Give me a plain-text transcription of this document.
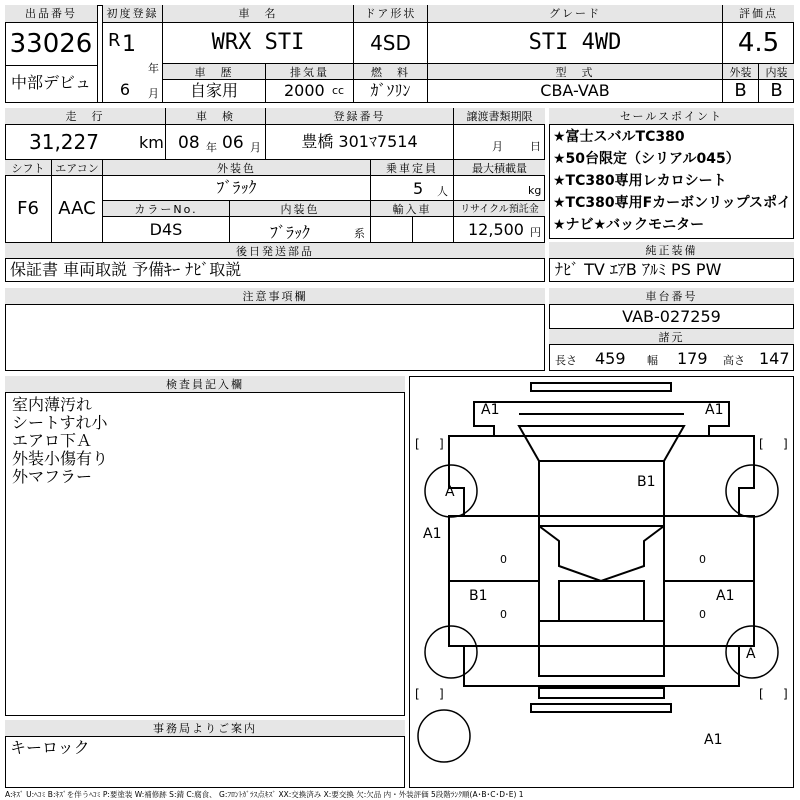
出品番号
33026
中部デビュ
初度登録
R 1
年
6	月
車　名
WRX STI
ドア形状
4SD
グレード
STI 4WD
車　歴
自家用
排気量
2000 cc
燃　料
ｶﾞｿﾘﾝ
型　式
CBA-VAB
評価点
4.5
外装	内装
B	B
走　行
31,227	km
車　検
08 年 06 月
登録番号
豊橋 301ﾏ7514
譲渡書類期限
月 日
シフト エアコン
F6	AAC
外装色
ﾌﾞﾗｯｸ
乗車定員
5 人
最大積載量
kg
カラーNo.
D4S
内装色
ﾌﾞﾗｯｸ	系
輸入車	リサイクル預託金
12,500 円
後日発送部品
保証書 車両取説 予備ｷｰ ﾅﾋﾞ取説
セールスポイント
★富士スバルTC380
★50台限定（シリアル045）
★TC380専用レカロシート
★TC380専用Fカーボンリップスポイ
★ナビ★バックモニター
純正装備
ﾅﾋﾞ TV ｴｱB ｱﾙﾐ PS PW
注意事項欄	車台番号
VAB-027259
諸元
長さ 459 幅 179 高さ 147
検査員記入欄
室内薄汚れ
シートすれ小
エアロ下Ａ
外装小傷有り
外マフラー
事務局よりご案内
キーロック
[ ]	[ ]
[ ]	[ ]
A1	A1
B1
A
A
A1
B1	A1
A1
0	0
0	0
A:ｷｽﾞ U:ﾍｺﾐ B:ｷｽﾞを伴うﾍｺﾐ P:要塗装 W:補修跡 S:錆 C:腐食、 G:ﾌﾛﾝﾄｶﾞﾗｽ点ｷｽﾞ XX:交換済み X:要交換 欠:欠品 内・外装評価 5段階ﾗﾝｸ順(A･B･C･D･E) 1
